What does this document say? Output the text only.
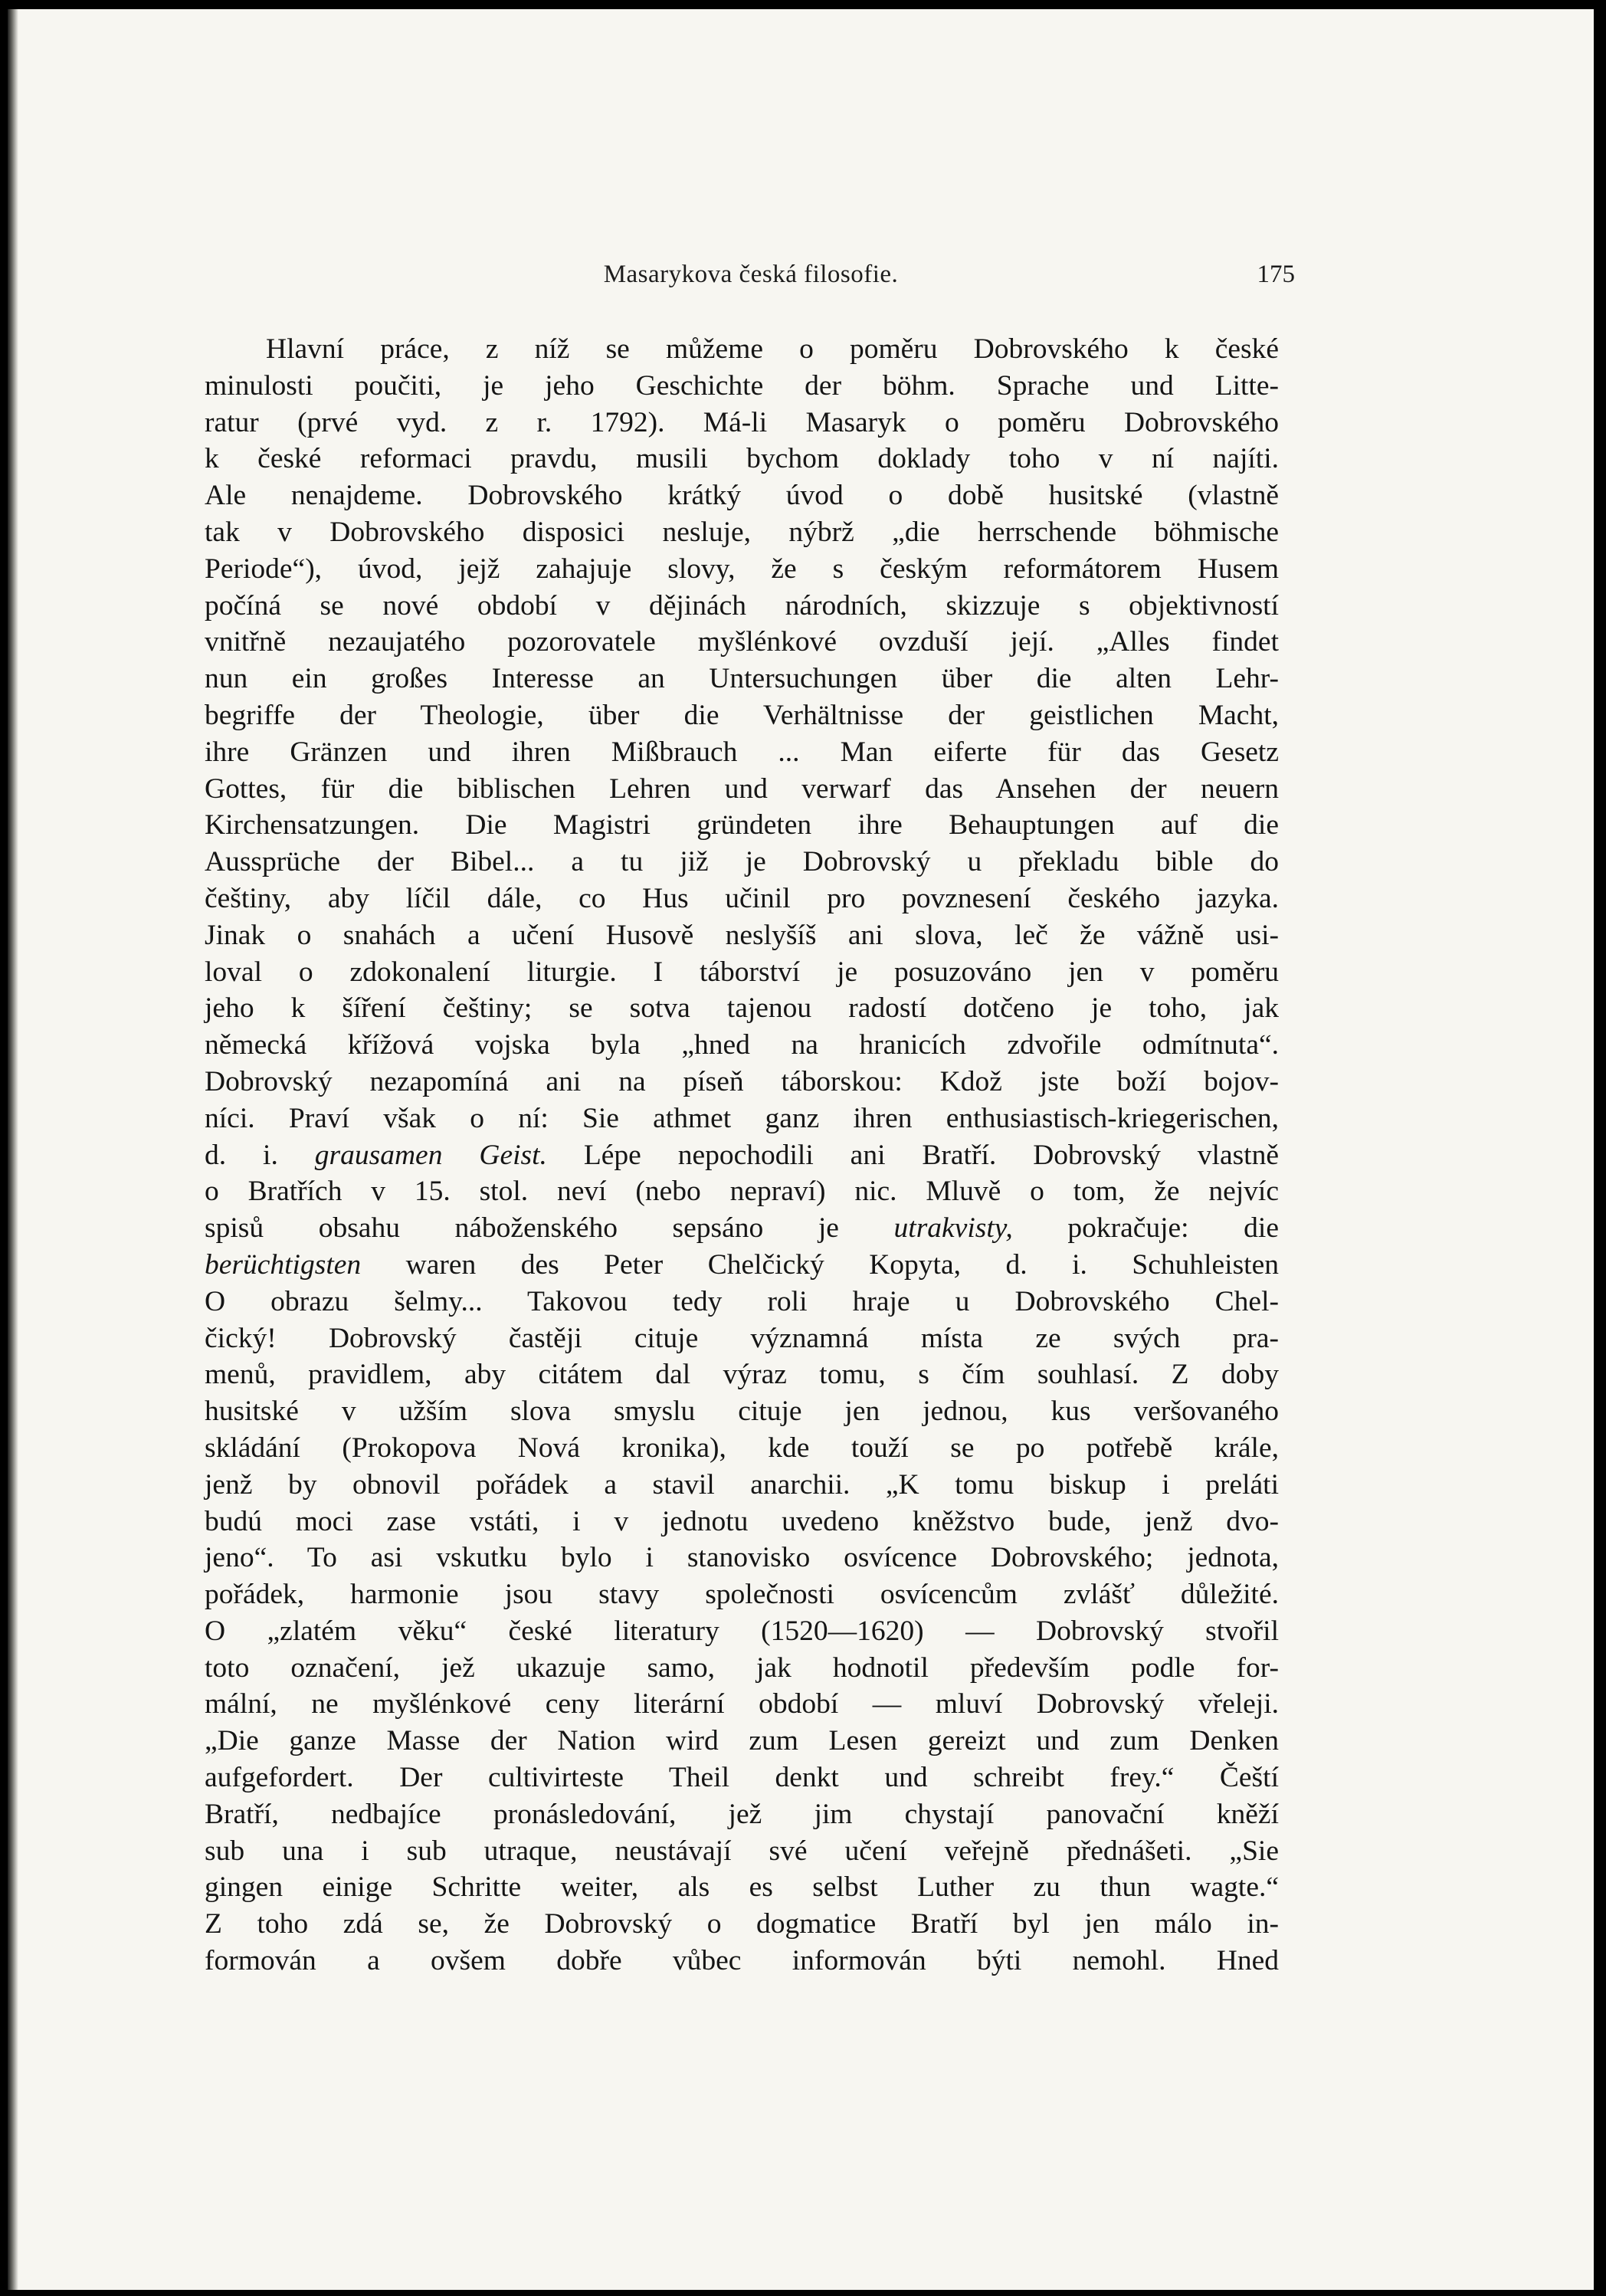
Masarykova česká filosofie.	175
Hlavní práce, z níž se můžeme o poměru Dobrovského k české
minulosti poučiti, je jeho Geschichte der böhm. Sprache und Litte-
ratur (prvé vyd. z r. 1792). Má-li Masaryk o poměru Dobrovského
k české reformaci pravdu, musili bychom doklady toho v ní najíti.
Ale nenajdeme. Dobrovského krátký úvod o době husitské (vlastně
tak v Dobrovského disposici nesluje, nýbrž „die herrschende böhmische
Periode“), úvod, jejž zahajuje slovy, že s českým reformátorem Husem
počíná se nové období v dějinách národních, skizzuje s objektivností
vnitřně nezaujatého pozorovatele myšlénkové ovzduší její. „Alles findet
nun ein großes Interesse an Untersuchungen über die alten Lehr-
begriffe der Theologie, über die Verhältnisse der geistlichen Macht,
ihre Gränzen und ihren Mißbrauch ... Man eiferte für das Gesetz
Gottes, für die biblischen Lehren und verwarf das Ansehen der neuern
Kirchensatzungen. Die Magistri gründeten ihre Behauptungen auf die
Aussprüche der Bibel... a tu již je Dobrovský u překladu bible do
češtiny, aby líčil dále, co Hus učinil pro povznesení českého jazyka.
Jinak o snahách a učení Husově neslyšíš ani slova, leč že vážně usi-
loval o zdokonalení liturgie. I táborství je posuzováno jen v poměru
jeho k šíření češtiny; se sotva tajenou radostí dotčeno je toho, jak
německá křížová vojska byla „hned na hranicích zdvořile odmítnuta“.
Dobrovský nezapomíná ani na píseň táborskou: Kdož jste boží bojov-
níci. Praví však o ní: Sie athmet ganz ihren enthusiastisch-kriegerischen,
d. i. grausamen Geist. Lépe nepochodili ani Bratří. Dobrovský vlastně
o Bratřích v 15. stol. neví (nebo nepraví) nic. Mluvě o tom, že nejvíc
spisů obsahu náboženského sepsáno je utrakvisty, pokračuje: die
berüchtigsten waren des Peter Chelčický Kopyta, d. i. Schuhleisten
O obrazu šelmy... Takovou tedy roli hraje u Dobrovského Chel-
čický! Dobrovský častěji cituje významná místa ze svých pra-
menů, pravidlem, aby citátem dal výraz tomu, s čím souhlasí. Z doby
husitské v užším slova smyslu cituje jen jednou, kus veršovaného
skládání (Prokopova Nová kronika), kde touží se po potřebě krále,
jenž by obnovil pořádek a stavil anarchii. „K tomu biskup i preláti
budú moci zase vstáti, i v jednotu uvedeno kněžstvo bude, jenž dvo-
jeno“. To asi vskutku bylo i stanovisko osvícence Dobrovského; jednota,
pořádek, harmonie jsou stavy společnosti osvícencům zvlášť důležité.
O „zlatém věku“ české literatury (1520—1620) — Dobrovský stvořil
toto označení, jež ukazuje samo, jak hodnotil především podle for-
mální, ne myšlénkové ceny literární období — mluví Dobrovský vřeleji.
„Die ganze Masse der Nation wird zum Lesen gereizt und zum Denken
aufgefordert. Der cultivirteste Theil denkt und schreibt frey.“ Čeští
Bratří, nedbajíce pronásledování, jež jim chystají panovační kněží
sub una i sub utraque, neustávají své učení veřejně přednášeti. „Sie
gingen einige Schritte weiter, als es selbst Luther zu thun wagte.“
Z toho zdá se, že Dobrovský o dogmatice Bratří byl jen málo in-
formován a ovšem dobře vůbec informován býti nemohl. Hned
